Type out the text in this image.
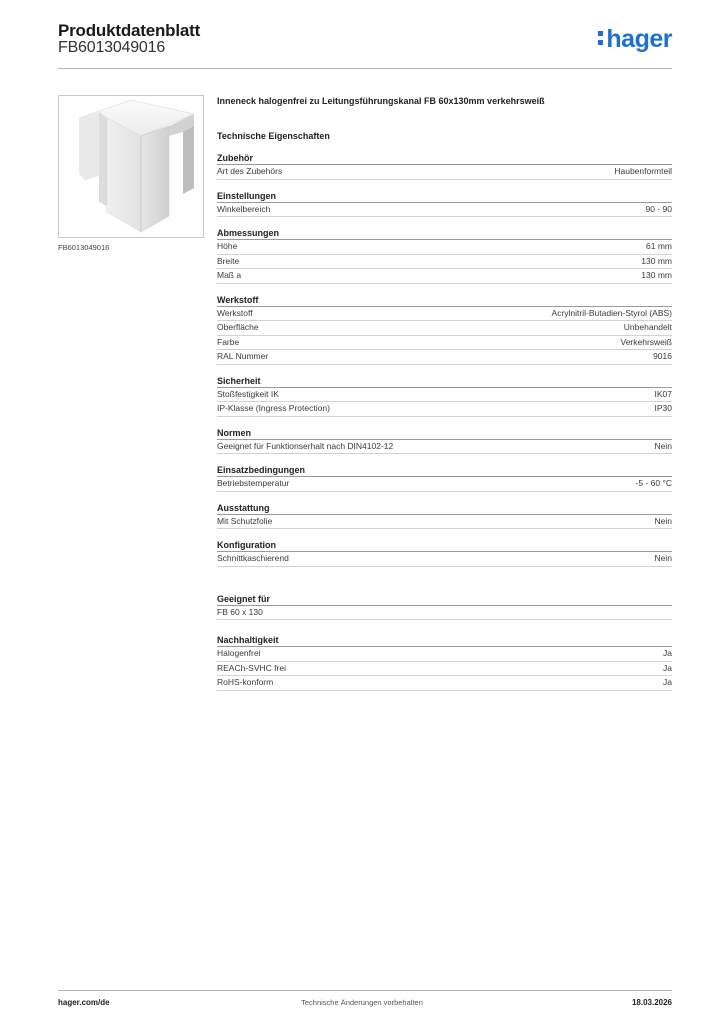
Produktdatenblatt
FB6013049016	hager
FB6013049016
Inneneck halogenfrei zu Leitungsführungskanal FB 60x130mm verkehrsweiß
Technische Eigenschaften
Zubehör
Art des Zubehörs	Haubenformteil
Einstellungen
Winkelbereich	90 - 90
Abmessungen
Höhe	61 mm
Breite	130 mm
Maß a	130 mm
Werkstoff
Werkstoff	Acrylnitril-Butadien-Styrol (ABS)
Oberfläche	Unbehandelt
Farbe	Verkehrsweiß
RAL Nummer	9016
Sicherheit
Stoßfestigkeit IK	IK07
IP-Klasse (Ingress Protection)	IP30
Normen
Geeignet für Funktionserhalt nach DIN4102-12	Nein
Einsatzbedingungen
Betriebstemperatur	-5 - 60 °C
Ausstattung
Mit Schutzfolie	Nein
Konfiguration
Schnittkaschierend	Nein
Geeignet für
FB 60 x 130
Nachhaltigkeit
Halogenfrei	Ja
REACh-SVHC frei	Ja
RoHS-konform	Ja
hager.com/de	Technische Änderungen vorbehalten	18.03.2026
